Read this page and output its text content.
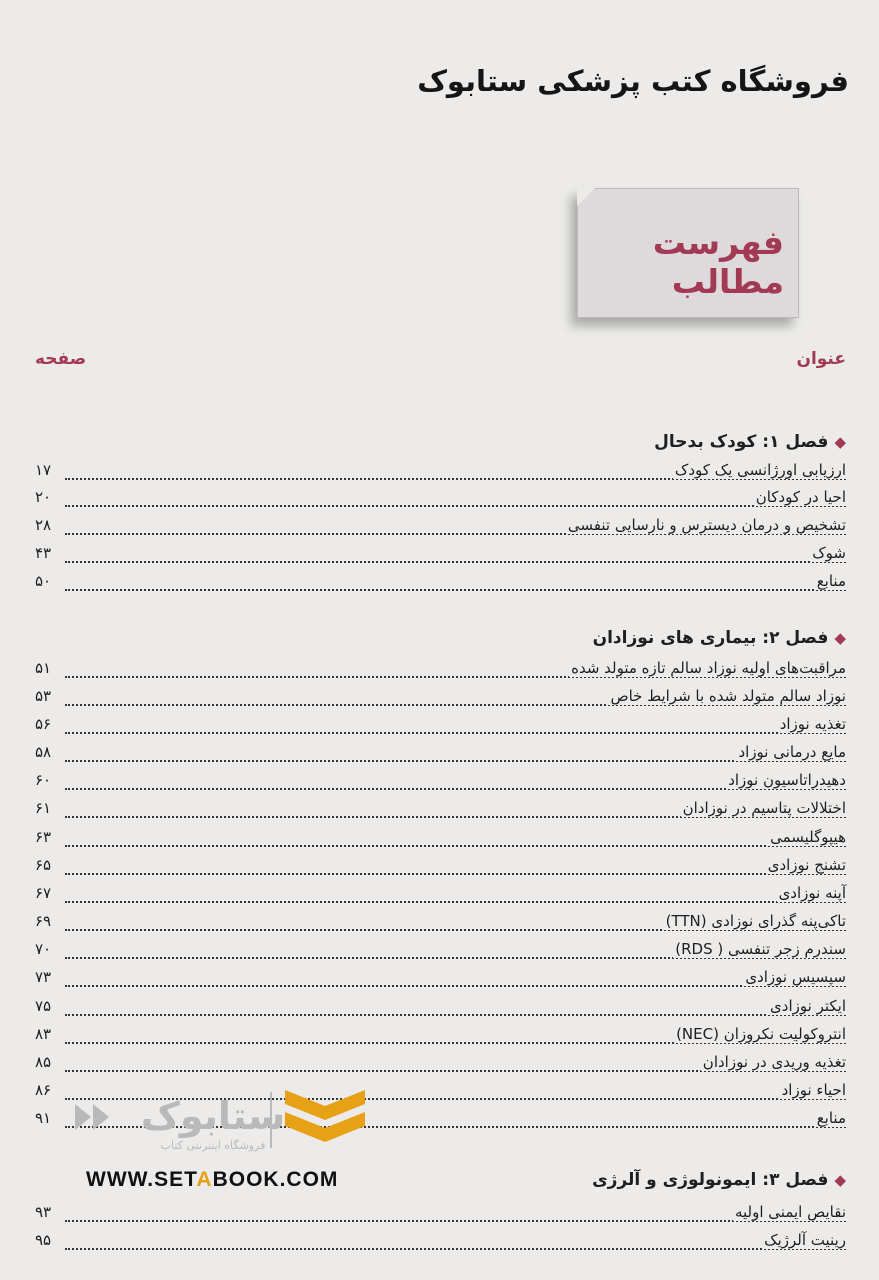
فروشگاه کتب پزشکی ستابوک
فهرست مطالب
عنوان
صفحه
◆فصل ۱: کودک بدحال
ارزیابی اورژانسی یک کودک
۱۷
احیا در کودکان
۲۰
تشخیص و درمان دیسترس و نارسایی تنفسی
۲۸
شوک
۴۳
منابع
۵۰
◆فصل ۲: بیماری های نوزادان
مراقبت‌های اولیه نوزاد سالم تازه متولد شده
۵۱
نوزاد سالم متولد شده با شرایط خاص
۵۳
تغذیه نوزاد
۵۶
مایع درمانی نوزاد
۵۸
دهیدراتاسیون نوزاد
۶۰
اختلالات پتاسیم در نوزادان
۶۱
هیپوگلیسمی
۶۳
تشنج نوزادی
۶۵
آپنه نوزادی
۶۷
تاکی‌پنه گذرای نوزادی (TTN)
۶۹
سندرم زجر تنفسی ( RDS)
۷۰
سپسیس نوزادی
۷۳
ایکتر نوزادی
۷۵
انتروکولیت نکروزان (NEC)
۸۳
تغذیه وریدی در نوزادان
۸۵
احیاء نوزاد
۸۶
منابع
۹۱
◆فصل ۳: ایمونولوژی و آلرژی
نقایص ایمنی اولیه
۹۳
رینیت آلرژیک
۹۵
ستابوک
فروشگاه اینترنتی کتاب
WWW.SETABOOK.COM
